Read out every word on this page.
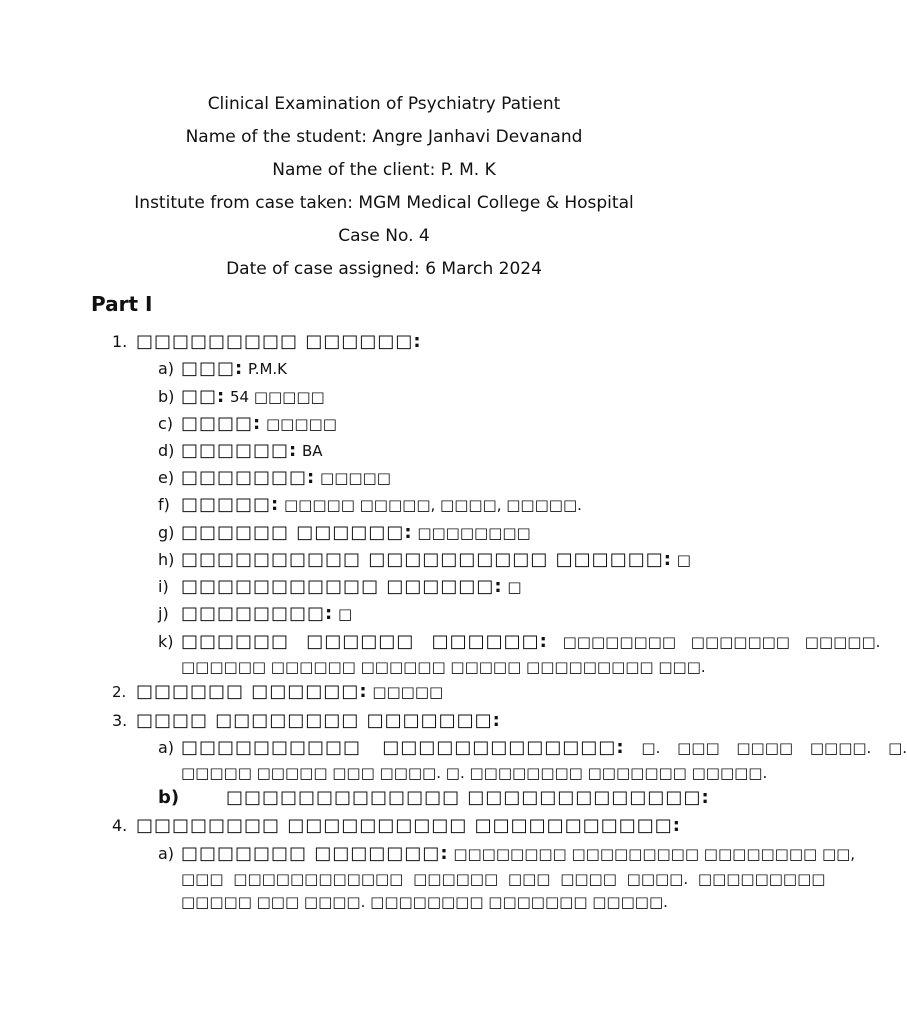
Clinical Examination of Psychiatry Patient
Name of the student: Angre Janhavi Devanand
Name of the client: P. M. K
Institute from case taken: MGM Medical College & Hospital
Case No. 4
Date of case assigned: 6 March 2024
Part I
1. □□□□□□□□□ □□□□□□:
a) □□□: P.M.K
b) □□: 54 □□□□□
c) □□□□: □□□□□
d) □□□□□□: BA
e) □□□□□□□: □□□□□
f) □□□□□: □□□□□ □□□□□, □□□□, □□□□□.
g) □□□□□□ □□□□□□: □□□□□□□□
h) □□□□□□□□□□ □□□□□□□□□□ □□□□□□: □
i) □□□□□□□□□□□ □□□□□□: □
j) □□□□□□□□: □
k) □□□□□□ □□□□□□ □□□□□□: □□□□□□□□ □□□□□□□ □□□□□.
□□□□□□ □□□□□□ □□□□□□ □□□□□ □□□□□□□□□ □□□.
2. □□□□□□ □□□□□□: □□□□□
3. □□□□ □□□□□□□□ □□□□□□□:
a) □□□□□□□□□□ □□□□□□□□□□□□□: □. □□□ □□□□ □□□□. □.
□□□□□ □□□□□ □□□ □□□□. □. □□□□□□□□ □□□□□□□ □□□□□.
b)	□□□□□□□□□□□□□ □□□□□□□□□□□□□:
4. □□□□□□□□ □□□□□□□□□□ □□□□□□□□□□□:
a) □□□□□□□ □□□□□□□: □□□□□□□□ □□□□□□□□□ □□□□□□□□ □□,
□□□ □□□□□□□□□□□□ □□□□□□ □□□ □□□□ □□□□. □□□□□□□□□
□□□□□ □□□ □□□□. □□□□□□□□ □□□□□□□ □□□□□.
